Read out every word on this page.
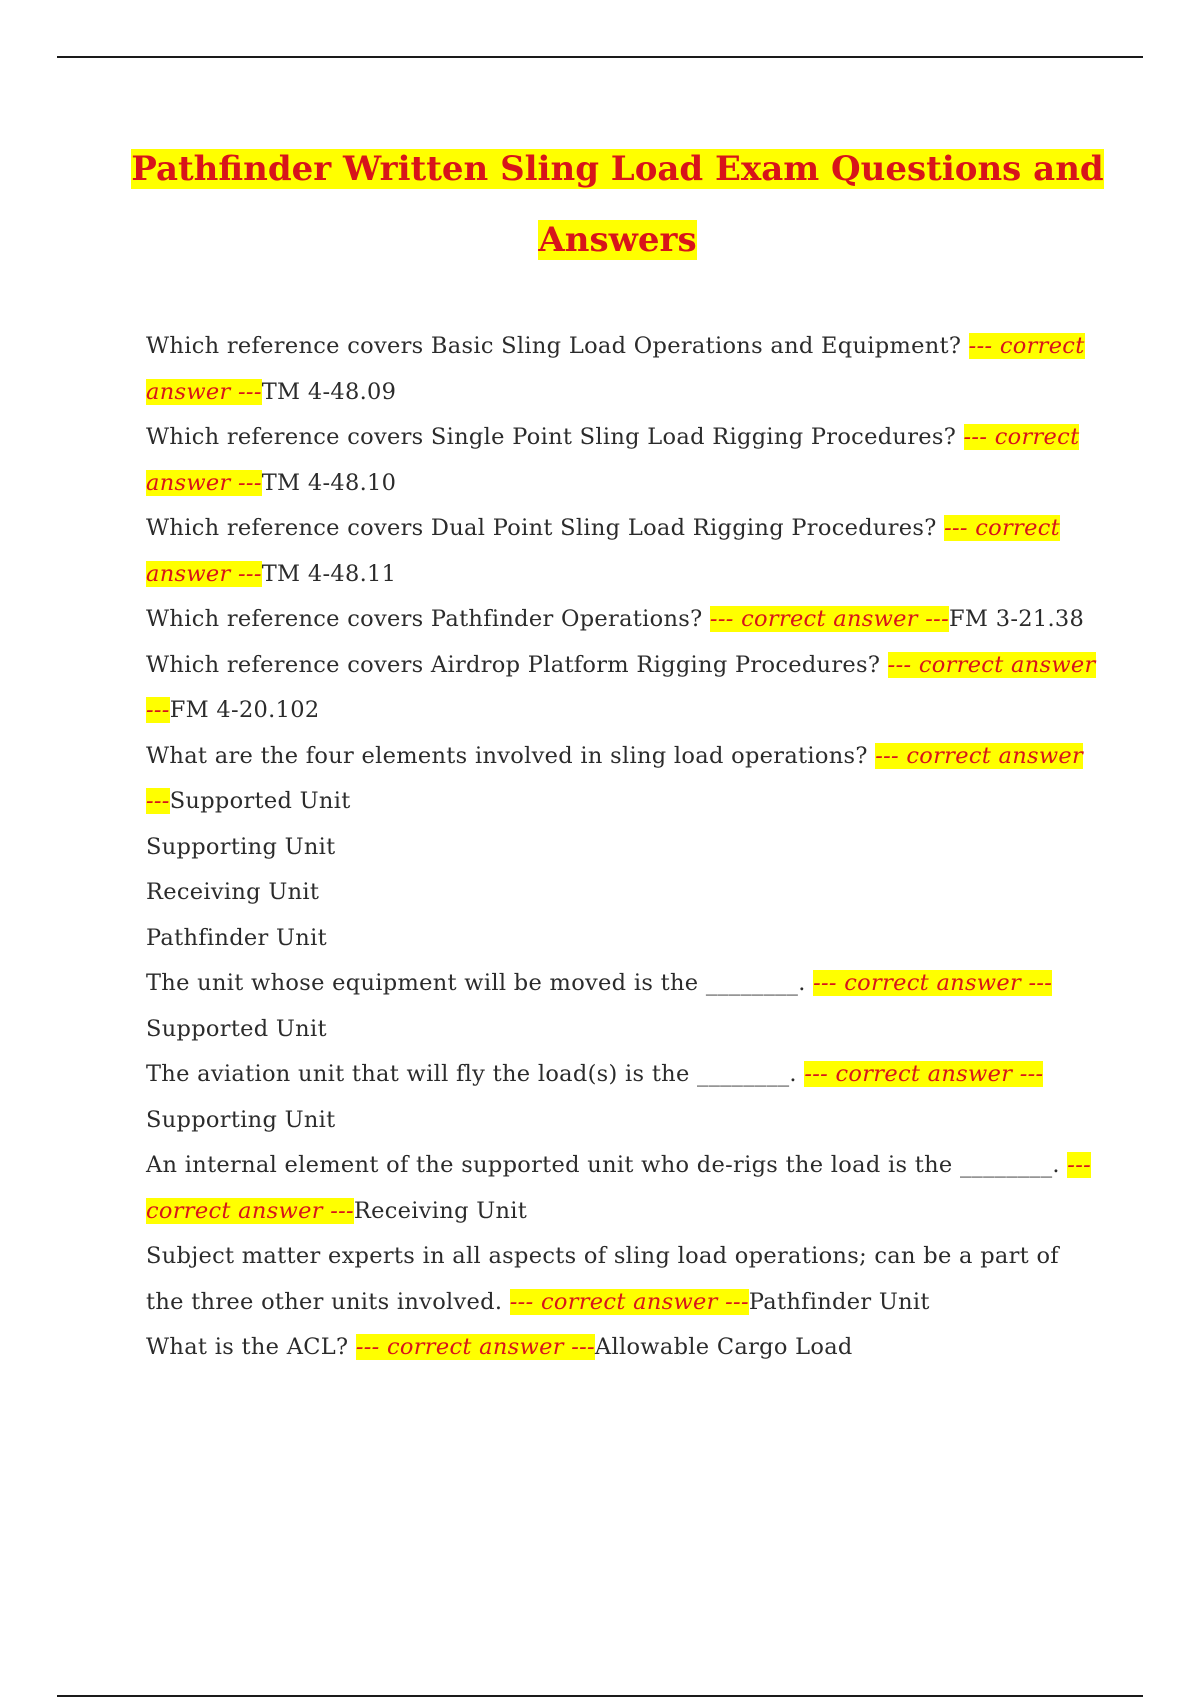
Pathfinder Written Sling Load Exam Questions and Answers

Which reference covers Basic Sling Load Operations and Equipment? --- correct answer ---TM 4-48.09

Which reference covers Single Point Sling Load Rigging Procedures? --- correct answer ---TM 4-48.10

Which reference covers Dual Point Sling Load Rigging Procedures? --- correct answer ---TM 4-48.11

Which reference covers Pathfinder Operations? --- correct answer ---FM 3-21.38

Which reference covers Airdrop Platform Rigging Procedures? --- correct answer ---FM 4-20.102

What are the four elements involved in sling load operations? --- correct answer ---Supported Unit
Supporting Unit
Receiving Unit
Pathfinder Unit

The unit whose equipment will be moved is the ________. --- correct answer ---Supported Unit

The aviation unit that will fly the load(s) is the ________. --- correct answer ---Supporting Unit

An internal element of the supported unit who de-rigs the load is the ________. --- correct answer ---Receiving Unit

Subject matter experts in all aspects of sling load operations; can be a part of the three other units involved. --- correct answer ---Pathfinder Unit

What is the ACL? --- correct answer ---Allowable Cargo Load
